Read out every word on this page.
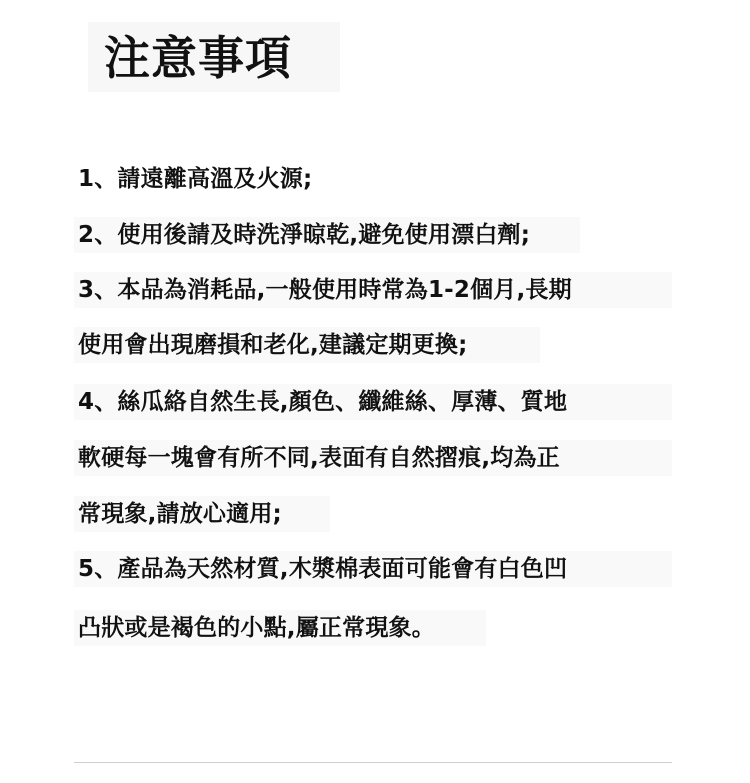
注意事項
1、請遠離高溫及火源;
2、使用後請及時洗淨晾乾,避免使用漂白劑;
3、本品為消耗品,一般使用時常為1-2個月,長期
使用會出現磨損和老化,建議定期更換;
4、絲瓜絡自然生長,顏色、纖維絲、厚薄、質地
軟硬每一塊會有所不同,表面有自然摺痕,均為正
常現象,請放心適用;
5、產品為天然材質,木漿棉表面可能會有白色凹
凸狀或是褐色的小點,屬正常現象。
